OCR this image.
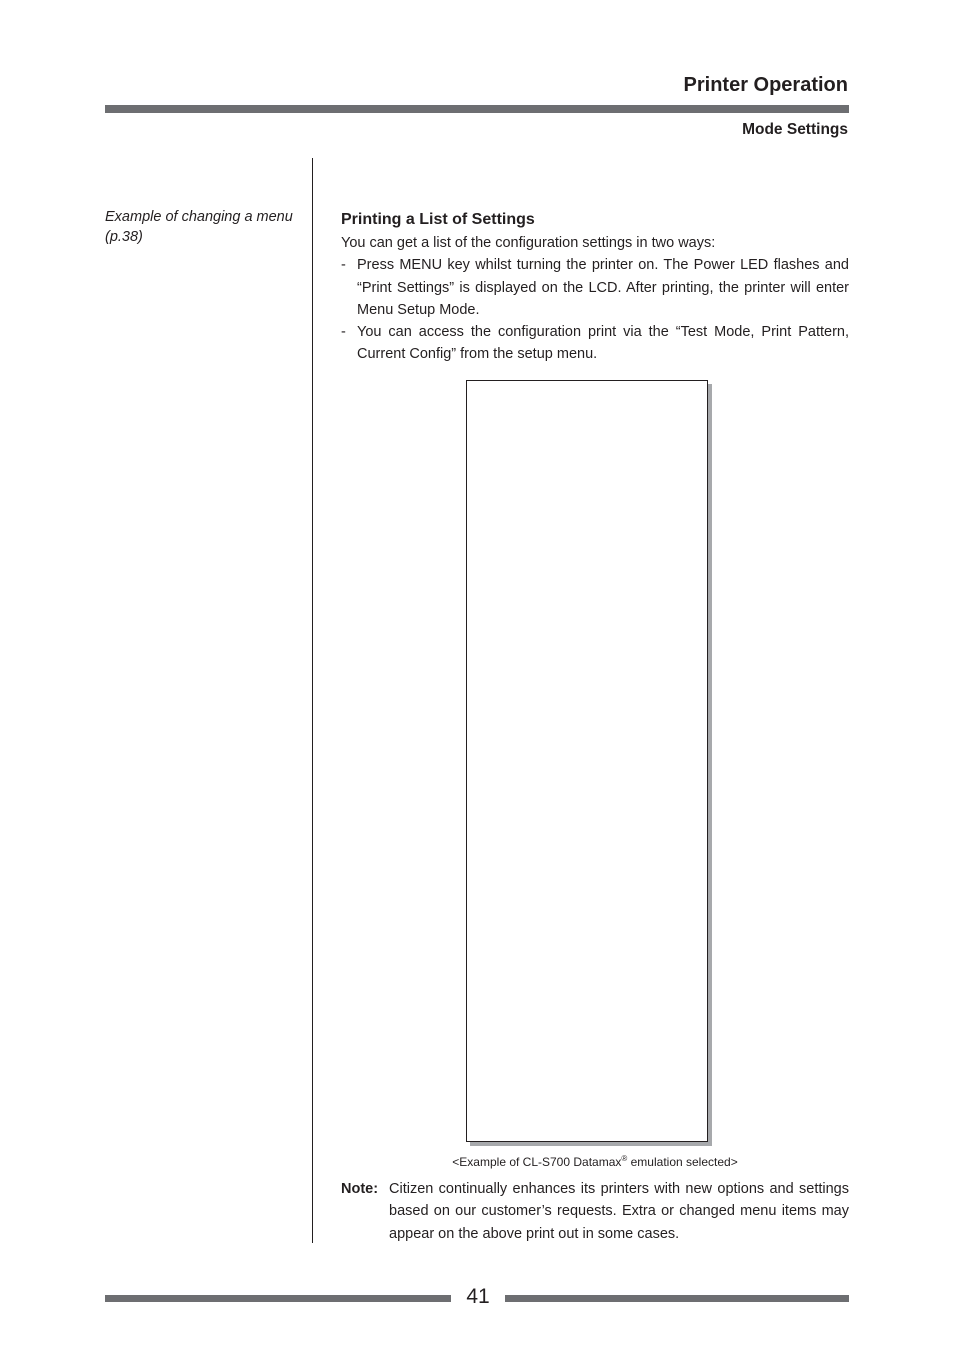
Printer Operation
Mode Settings
Example of changing a menu (p.38)
Printing a List of Settings
You can get a list of the configuration settings in two ways:
- Press MENU key whilst turning the printer on. The Power LED flashes and “Print Settings” is displayed on the LCD. After printing, the printer will enter Menu Setup Mode.
- You can access the configuration print via the “Test Mode, Print Pattern, Current Config” from the setup menu.
<Example of CL-S700 Datamax® emulation selected>
Note: Citizen continually enhances its printers with new options and settings based on our customer’s requests. Extra or changed menu items may appear on the above print out in some cases.
41
